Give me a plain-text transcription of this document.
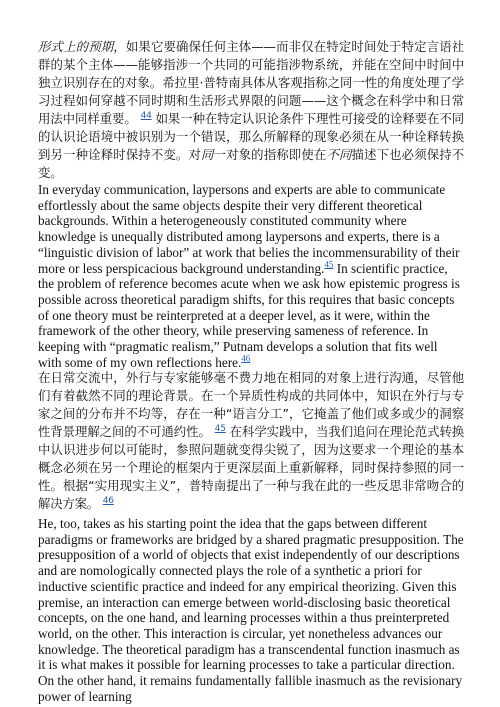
形式上的预期，如果它要确保任何主体——而非仅在特定时间处于特定言语社群的某个主体——能够指涉一个共同的可能指涉物系统，并能在空间中时间中独立识别存在的对象。希拉里·普特南具体从客观指称之同一性的角度处理了学习过程如何穿越不同时期和生活形式界限的问题——这个概念在科学中和日常用法中同样重要。 $^{44}$ 如果一种在特定认识论条件下理性可接受的诠释要在不同的认识论语境中被识别为一个错误，那么所解释的现象必须在从一种诠释转换到另一种诠释时保持不变。对同一对象的指称即使在不同描述下也必须保持不变。

In everyday communication, laypersons and experts are able to communicate effortlessly about the same objects despite their very different theoretical backgrounds. Within a heterogeneously constituted community where knowledge is unequally distributed among laypersons and experts, there is a “linguistic division of labor” at work that belies the incommensurability of their more or less perspicacious background understanding.$^{45}$ In scientific practice, the problem of reference becomes acute when we ask how epistemic progress is possible across theoretical paradigm shifts, for this requires that basic concepts of one theory must be reinterpreted at a deeper level, as it were, within the framework of the other theory, while preserving sameness of reference. In keeping with “pragmatic realism,” Putnam develops a solution that fits well with some of my own reflections here.$^{46}$

在日常交流中，外行与专家能够毫不费力地在相同的对象上进行沟通，尽管他们有着截然不同的理论背景。在一个异质性构成的共同体中，知识在外行与专家之间的分布并不均等，存在一种“语言分工”，它掩盖了他们或多或少的洞察性背景理解之间的不可通约性。 $^{45}$ 在科学实践中，当我们追问在理论范式转换中认识进步何以可能时，参照问题就变得尖锐了，因为这要求一个理论的基本概念必须在另一个理论的框架内于更深层面上重新解释，同时保持参照的同一性。根据“实用现实主义”，普特南提出了一种与我在此的一些反思非常吻合的解决方案。 $^{46}$

He, too, takes as his starting point the idea that the gaps between different paradigms or frameworks are bridged by a shared pragmatic presupposition. The presupposition of a world of objects that exist independently of our descriptions and are nomologically connected plays the role of a synthetic a priori for inductive scientific practice and indeed for any empirical theorizing. Given this premise, an interaction can emerge between world-disclosing basic theoretical concepts, on the one hand, and learning processes within a thus preinterpreted world, on the other. This interaction is circular, yet nonetheless advances our knowledge. The theoretical paradigm has a transcendental function inasmuch as it is what makes it possible for learning processes to take a particular direction. On the other hand, it remains fundamentally fallible inasmuch as the revisionary power of learning
